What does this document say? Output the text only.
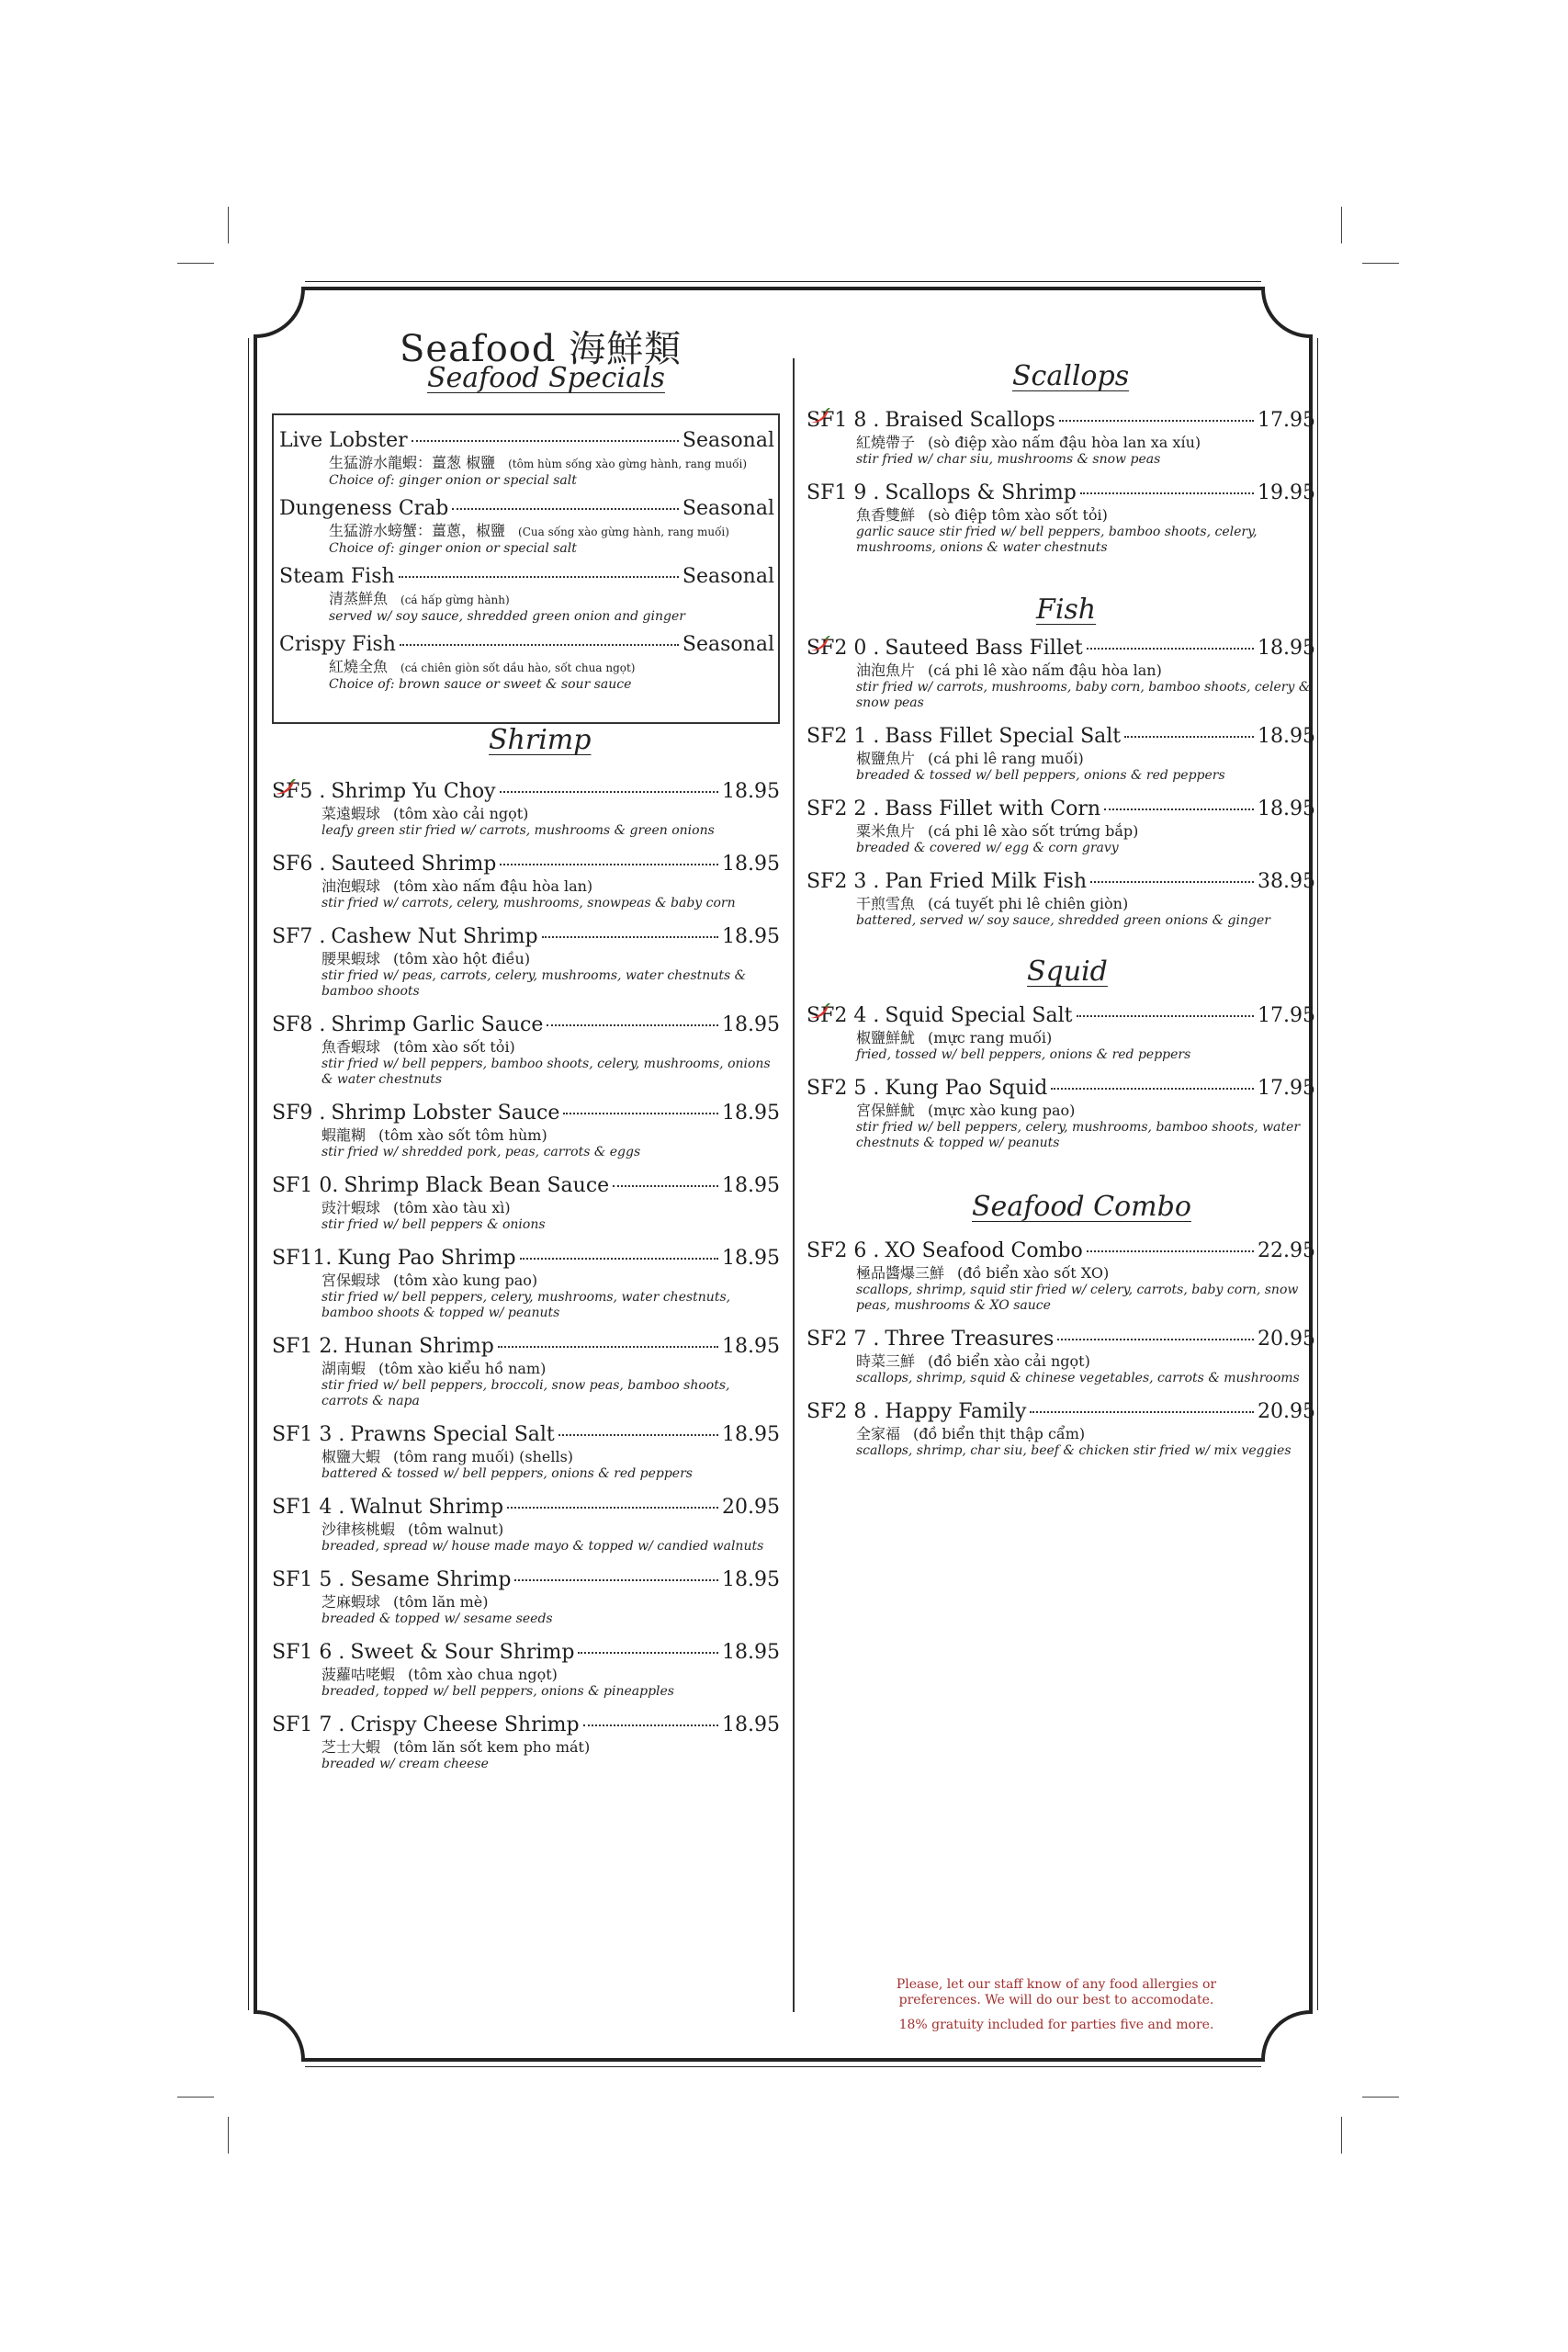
Seafood 海鮮類
Seafood Specials
Live Lobster	Seasonal
生猛游水龍蝦：薑葱 椒鹽 (tôm hùm sống xào gừng hành, rang muối)
Choice of: ginger onion or special salt
Dungeness Crab	Seasonal
生猛游水螃蟹：薑蔥，椒鹽 (Cua sống xào gừng hành, rang muối)
Choice of: ginger onion or special salt
Steam Fish	Seasonal
清蒸鮮魚 (cá hấp gừng hành)
served w/ soy sauce, shredded green onion and ginger
Crispy Fish	Seasonal
紅燒全魚 (cá chiên giòn sốt dầu hào, sốt chua ngọt)
Choice of: brown sauce or sweet & sour sauce
Shrimp
SF5 . Shrimp Yu Choy	18.95
菜遠蝦球 (tôm xào cải ngọt)
leafy green stir fried w/ carrots, mushrooms & green onions
SF6 . Sauteed Shrimp	18.95
油泡蝦球 (tôm xào nấm đậu hòa lan)
stir fried w/ carrots, celery, mushrooms, snowpeas & baby corn
SF7 . Cashew Nut Shrimp	18.95
腰果蝦球 (tôm xào hột điều)
stir fried w/ peas, carrots, celery, mushrooms, water chestnuts & bamboo shoots
SF8 . Shrimp Garlic Sauce	18.95
魚香蝦球 (tôm xào sốt tỏi)
stir fried w/ bell peppers, bamboo shoots, celery, mushrooms, onions & water chestnuts
SF9 . Shrimp Lobster Sauce	18.95
蝦龍糊 (tôm xào sốt tôm hùm)
stir fried w/ shredded pork, peas, carrots & eggs
SF1 0. Shrimp Black Bean Sauce	18.95
豉汁蝦球 (tôm xào tàu xì)
stir fried w/ bell peppers & onions
SF11. Kung Pao Shrimp	18.95
宮保蝦球 (tôm xào kung pao)
stir fried w/ bell peppers, celery, mushrooms, water chestnuts, bamboo shoots & topped w/ peanuts
SF1 2. Hunan Shrimp	18.95
湖南蝦 (tôm xào kiểu hồ nam)
stir fried w/ bell peppers, broccoli, snow peas, bamboo shoots, carrots & napa
SF1 3 . Prawns Special Salt	18.95
椒鹽大蝦 (tôm rang muối) (shells)
battered & tossed w/ bell peppers, onions & red peppers
SF1 4 . Walnut Shrimp	20.95
沙律核桃蝦 (tôm walnut)
breaded, spread w/ house made mayo & topped w/ candied walnuts
SF1 5 . Sesame Shrimp	18.95
芝麻蝦球 (tôm lăn mè)
breaded & topped w/ sesame seeds
SF1 6 . Sweet & Sour Shrimp	18.95
菠蘿咕咾蝦 (tôm xào chua ngọt)
breaded, topped w/ bell peppers, onions & pineapples
SF1 7 . Crispy Cheese Shrimp	18.95
芝士大蝦 (tôm lăn sốt kem pho mát)
breaded w/ cream cheese
Scallops
SF1 8 . Braised Scallops	17.95
紅燒帶子 (sò điệp xào nấm đậu hòa lan xa xíu)
stir fried w/ char siu, mushrooms & snow peas
SF1 9 . Scallops & Shrimp	19.95
魚香雙鮮 (sò điệp tôm xào sốt tỏi)
garlic sauce stir fried w/ bell peppers, bamboo shoots, celery, mushrooms, onions & water chestnuts
Fish
SF2 0 . Sauteed Bass Fillet	18.95
油泡魚片 (cá phi lê xào nấm đậu hòa lan)
stir fried w/ carrots, mushrooms, baby corn, bamboo shoots, celery & snow peas
SF2 1 . Bass Fillet Special Salt	18.95
椒鹽魚片 (cá phi lê rang muối)
breaded & tossed w/ bell peppers, onions & red peppers
SF2 2 . Bass Fillet with Corn	18.95
粟米魚片 (cá phi lê xào sốt trứng bắp)
breaded & covered w/ egg & corn gravy
SF2 3 . Pan Fried Milk Fish	38.95
干煎雪魚 (cá tuyết phi lê chiên giòn)
battered, served w/ soy sauce, shredded green onions & ginger
Squid
SF2 4 . Squid Special Salt	17.95
椒鹽鮮魷 (mực rang muối)
fried, tossed w/ bell peppers, onions & red peppers
SF2 5 . Kung Pao Squid	17.95
宮保鮮魷 (mực xào kung pao)
stir fried w/ bell peppers, celery, mushrooms, bamboo shoots, water chestnuts & topped w/ peanuts
Seafood Combo
SF2 6 . XO Seafood Combo	22.95
極品醬爆三鮮 (đồ biển xào sốt XO)
scallops, shrimp, squid stir fried w/ celery, carrots, baby corn, snow peas, mushrooms & XO sauce
SF2 7 . Three Treasures	20.95
時菜三鮮 (đồ biển xào cải ngọt)
scallops, shrimp, squid & chinese vegetables, carrots & mushrooms
SF2 8 . Happy Family	20.95
全家福 (đồ biển thịt thập cẩm)
scallops, shrimp, char siu, beef & chicken stir fried w/ mix veggies
Please, let our staff know of any food allergies or
preferences. We will do our best to accomodate.
18% gratuity included for parties five and more.
